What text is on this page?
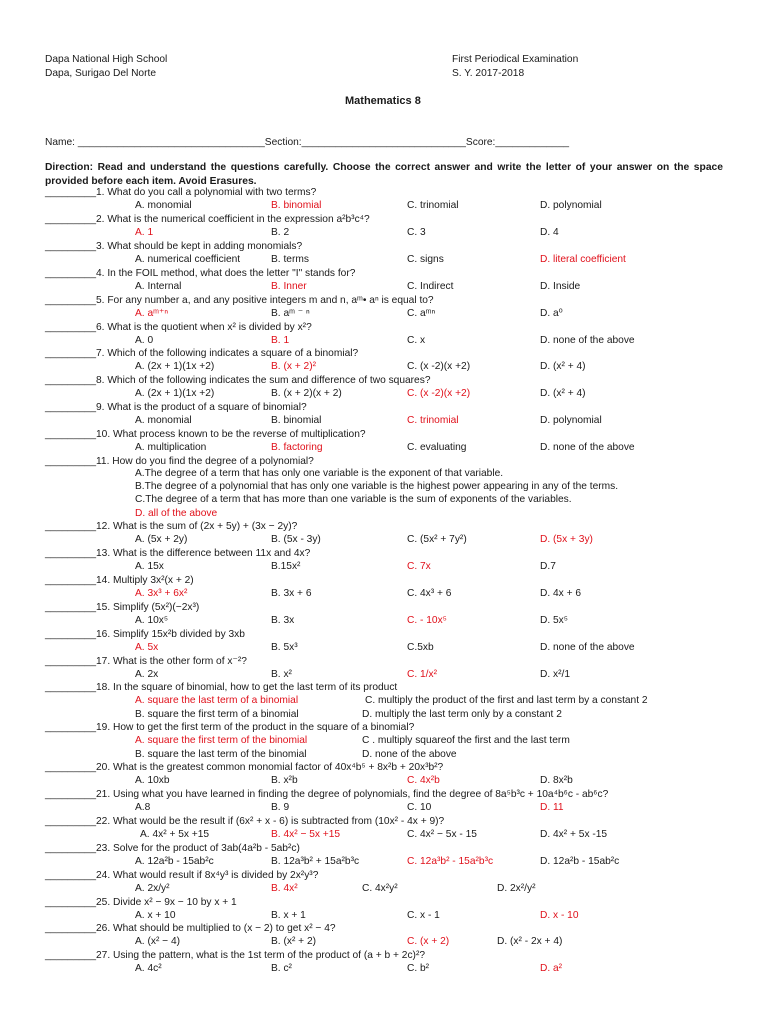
Dapa National High School
Dapa, Surigao Del Norte
First Periodical Examination
S. Y. 2017-2018
Mathematics 8
Name: _________________________________Section:_____________________________Score:_____________
Direction: Read and understand the questions carefully. Choose the correct answer and write the letter of your answer on the space provided before each item. Avoid Erasures.
_________1. What do you call a polynomial with two terms?
A. monomial	B. binomial	C. trinomial	D. polynomial
_________2. What is the numerical coefficient in the expression a²b³c⁴?
A. 1	B. 2	C. 3	D. 4
_________3. What should be kept in adding monomials?
A. numerical coefficient	B. terms	C. signs	D. literal coefficient
_________4. In the FOIL method, what does the letter "I" stands for?
A. Internal	B. Inner	C. Indirect	D. Inside
_________5. For any number a, and any positive integers m and n, aᵐ• aⁿ is equal to?
A. aᵐ⁺ⁿ	B. aᵐ ⁻ ⁿ	C. aᵐⁿ	D. a⁰
_________6. What is the quotient when x² is divided by x²?
A. 0	B. 1	C. x	D. none of the above
_________7. Which of the following indicates a square of a binomial?
A. (2x + 1)(1x +2)	B. (x + 2)²	C. (x -2)(x +2)	D. (x² + 4)
_________8. Which of the following indicates the sum and difference of two squares?
A. (2x + 1)(1x +2)	B. (x + 2)(x + 2)	C. (x -2)(x +2)	D. (x² + 4)
_________9. What is the product of a square of binomial?
A. monomial	B. binomial	C. trinomial	D. polynomial
_________10. What process known to be the reverse of multiplication?
A. multiplication	B. factoring	C. evaluating	D. none of the above
_________11. How do you find the degree of a polynomial?
A.The degree of a term that has only one variable is the exponent of that variable.
B.The degree of a polynomial that has only one variable is the highest power appearing in any of the terms.
C.The degree of a term that has more than one variable is the sum of exponents of the variables.
D. all of the above
_________12. What is the sum of (2x + 5y) + (3x − 2y)?
A. (5x + 2y)	B. (5x - 3y)	C. (5x² + 7y²)	D. (5x + 3y)
_________13. What is the difference between 11x and 4x?
A. 15x	B.15x²	C. 7x	D.7
_________14. Multiply 3x²(x + 2)
A. 3x³ + 6x²	B. 3x + 6	C. 4x³ + 6	D. 4x + 6
_________15. Simplify (5x²)(−2x³)
A. 10x⁵	B. 3x	C. - 10x⁵	D. 5x⁵
_________16. Simplify 15x²b divided by 3xb
A. 5x	B. 5x³	C.5xb	D. none of the above
_________17. What is the other form of x⁻²?
A. 2x	B. x²	C. 1/x²	D. x²/1
_________18. In the square of binomial, how to get the last term of its product
A. square the last term of a binomial	C. multiply the product of the first and last term by a constant 2
B. square the first term of a binomial	D. multiply the last term only by a constant 2
_________19. How to get the first term of the product in the square of a binomial?
A. square the first term of the binomial	C . multiply squareof the first and the last term
B. square the last term of the binomial	D. none of the above
_________20. What is the greatest common monomial factor of 40x⁴b⁵ + 8x²b + 20x³b²?
A. 10xb	B. x²b	C. 4x²b	D. 8x²b
_________21. Using what you have learned in finding the degree of polynomials, find the degree of 8a⁵b³c + 10a⁴b⁶c - ab⁶c?
A.8	B. 9	C. 10	D. 11
_________22. What would be the result if (6x² + x - 6) is subtracted from (10x² - 4x + 9)?
A. 4x² + 5x +15	B. 4x² − 5x +15	C. 4x² − 5x - 15	D. 4x² + 5x -15
_________23. Solve for the product of 3ab(4a²b - 5ab²c)
A. 12a²b - 15ab²c	B. 12a³b² + 15a²b³c	C. 12a³b² - 15a²b³c	D. 12a²b - 15ab²c
_________24. What would result if 8x⁴y³ is divided by 2x²y³?
A. 2x/y²	B. 4x²	C. 4x²y²	D. 2x²/y²
_________25. Divide x² − 9x − 10 by x + 1
A. x + 10	B. x + 1	C. x - 1	D. x - 10
_________26. What should be multiplied to (x − 2) to get x² − 4?
A. (x² − 4)	B. (x² + 2)	C. (x + 2)	D. (x² - 2x + 4)
_________27. Using the pattern, what is the 1st term of the product of (a + b + 2c)²?
A. 4c²	B. c²	C. b²	D. a²
